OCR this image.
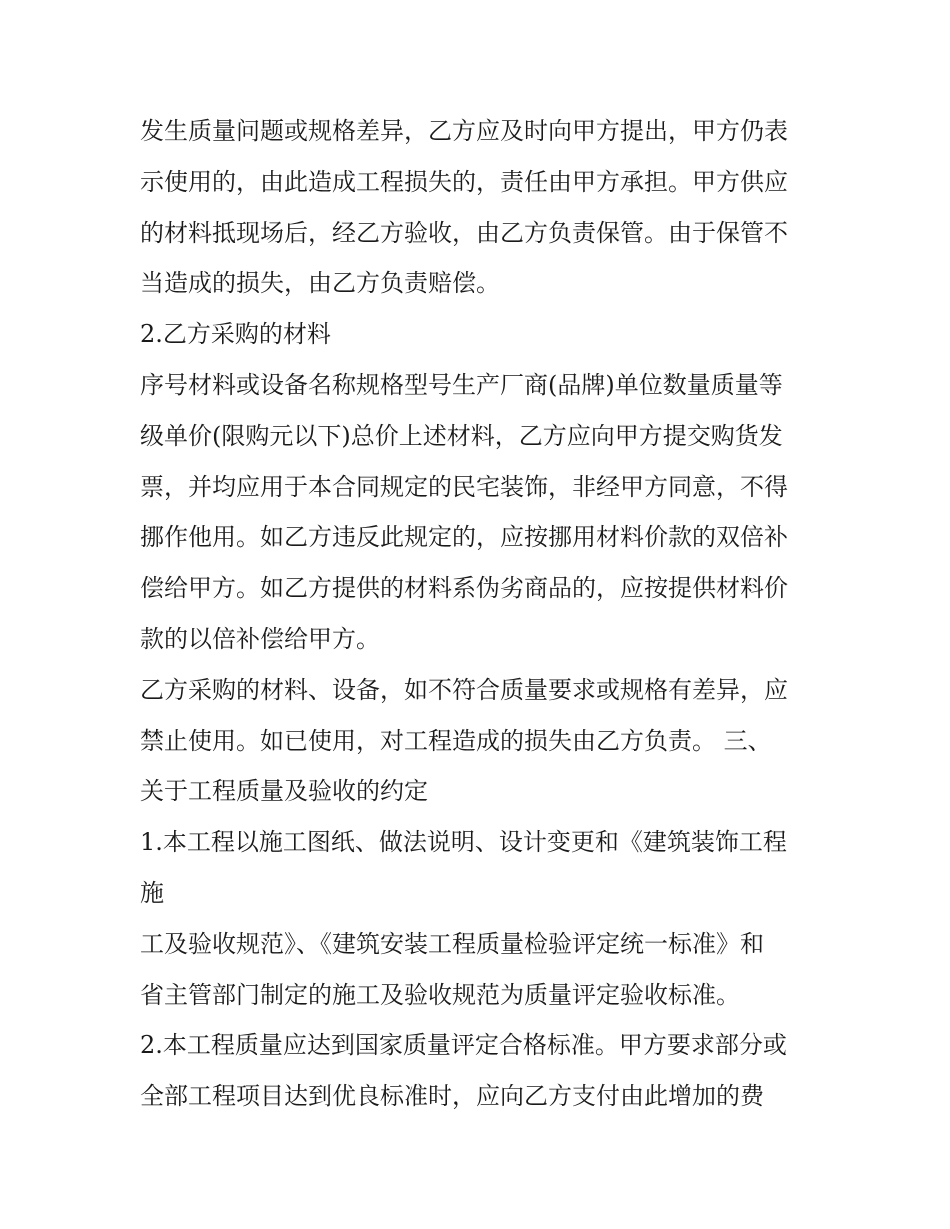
发生质量问题或规格差异，乙方应及时向甲方提出，甲方仍表
示使用的，由此造成工程损失的，责任由甲方承担。甲方供应
的材料抵现场后，经乙方验收，由乙方负责保管。由于保管不
当造成的损失，由乙方负责赔偿。
2.乙方采购的材料
序号材料或设备名称规格型号生产厂商(品牌)单位数量质量等
级单价(限购元以下)总价上述材料，乙方应向甲方提交购货发
票，并均应用于本合同规定的民宅装饰，非经甲方同意，不得
挪作他用。如乙方违反此规定的，应按挪用材料价款的双倍补
偿给甲方。如乙方提供的材料系伪劣商品的，应按提供材料价
款的以倍补偿给甲方。
乙方采购的材料、设备，如不符合质量要求或规格有差异，应
禁止使用。如已使用，对工程造成的损失由乙方负责。 三、
关于工程质量及验收的约定
1.本工程以施工图纸、做法说明、设计变更和《建筑装饰工程
施
工及验收规范》、《建筑安装工程质量检验评定统一标准》和
省主管部门制定的施工及验收规范为质量评定验收标准。
2.本工程质量应达到国家质量评定合格标准。甲方要求部分或
全部工程项目达到优良标准时，应向乙方支付由此增加的费
